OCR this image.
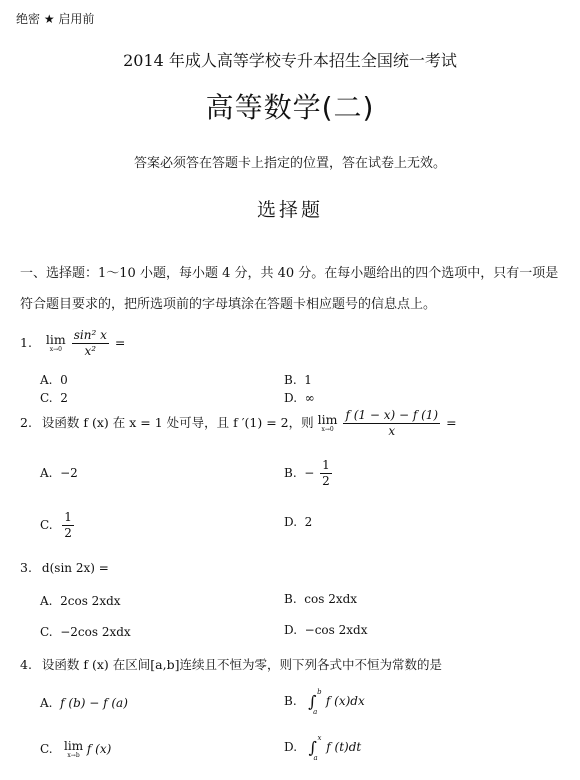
绝密 ★ 启用前
2014 年成人高等学校专升本招生全国统一考试
高等数学(二)
答案必须答在答题卡上指定的位置，答在试卷上无效。
选择题
一、选择题：1～10 小题，每小题 4 分，共 40 分。在每小题给出的四个选项中，只有一项是符合题目要求的，把所选项前的字母填涂在答题卡相应题号的信息点上。
1. lim
x→0
$\frac{\text{sin² x}}{\text{x²}}$ =
A. 0	B. 1
C. 2	D. ∞
2. 设函数 f (x) 在 x = 1 处可导，且 f ′(1) = 2，则 lim
x→0
$\frac{f (1 - x) - f (1)}{x}$ =
A. −2	B. − $\frac{1}{2}$
C. $\frac{1}{2}$	D. 2
3. d(sin 2x) =
A. 2cos 2xdx	B. cos 2xdx
C. −2cos 2xdx	D. −cos 2xdx
4. 设函数 f (x) 在区间[a,b]连续且不恒为零，则下列各式中不恒为常数的是
A. f (b) − f (a)	B. ∫ b
a
f (x)dx
C. lim
x→b f (x)	D. ∫ x
a
f (t)dt
